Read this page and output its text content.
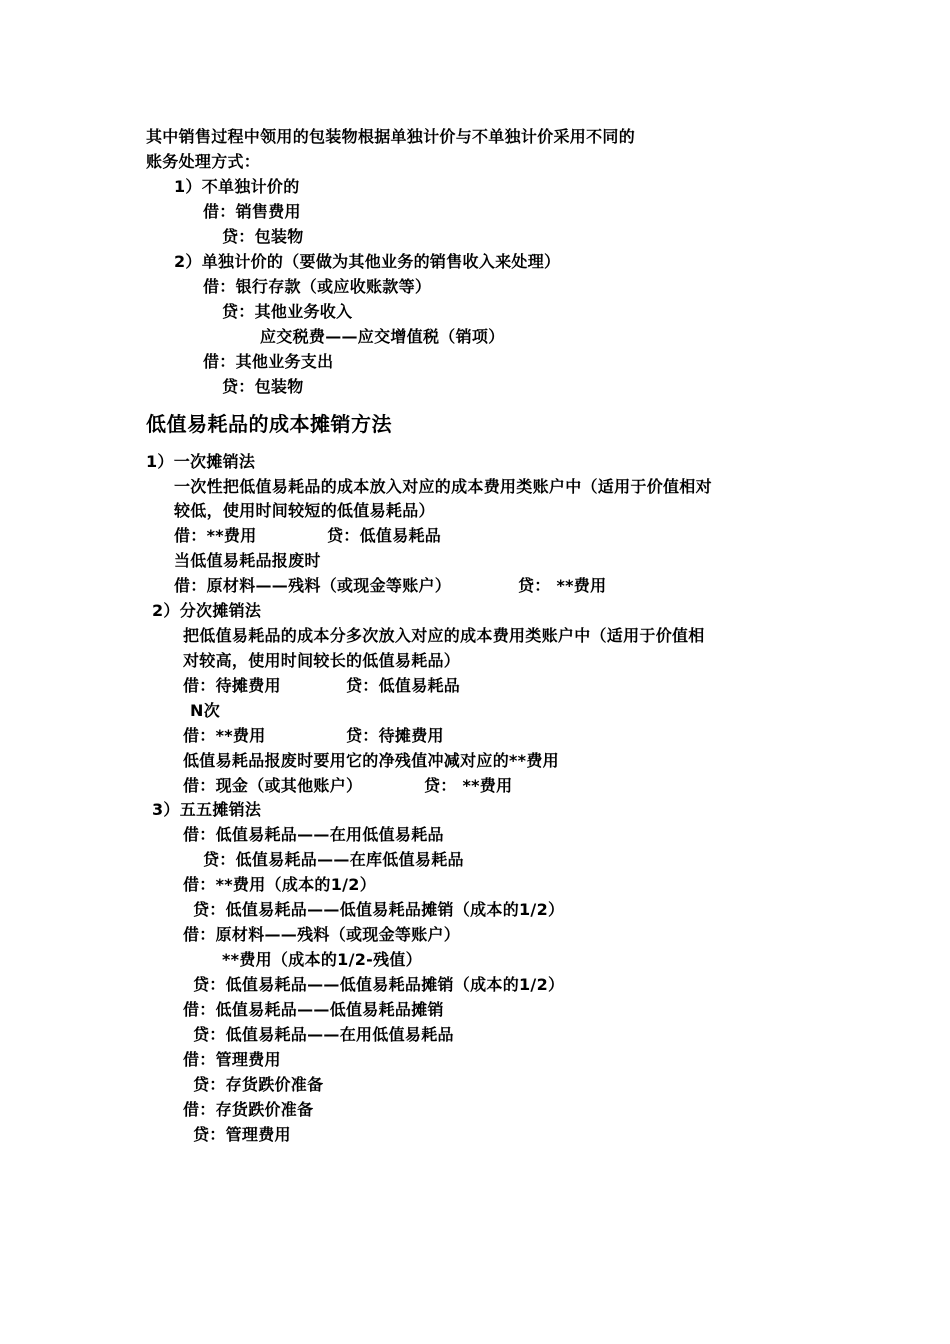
其中销售过程中领用的包装物根据单独计价与不单独计价采用不同的
账务处理方式：
1）不单独计价的
借：销售费用
贷：包装物
2）单独计价的（要做为其他业务的销售收入来处理）
借：银行存款（或应收账款等）
贷：其他业务收入
应交税费——应交增值税（销项）
借：其他业务支出
贷：包装物
低值易耗品的成本摊销方法
1）一次摊销法
一次性把低值易耗品的成本放入对应的成本费用类账户中（适用于价值相对
较低，使用时间较短的低值易耗品）
借：**费用	贷：低值易耗品
当低值易耗品报废时
借：原材料——残料（或现金等账户）	贷： **费用
2）分次摊销法
把低值易耗品的成本分多次放入对应的成本费用类账户中（适用于价值相
对较高，使用时间较长的低值易耗品）
借：待摊费用	贷：低值易耗品
N次
借：**费用	贷：待摊费用
低值易耗品报废时要用它的净残值冲减对应的**费用
借：现金（或其他账户）	贷： **费用
3）五五摊销法
借：低值易耗品——在用低值易耗品
贷：低值易耗品——在库低值易耗品
借：**费用（成本的1/2）
贷：低值易耗品——低值易耗品摊销（成本的1/2）
借：原材料——残料（或现金等账户）
**费用（成本的1/2-残值）
贷：低值易耗品——低值易耗品摊销（成本的1/2）
借：低值易耗品——低值易耗品摊销
贷：低值易耗品——在用低值易耗品
借：管理费用
贷：存货跌价准备
借：存货跌价准备
贷：管理费用
